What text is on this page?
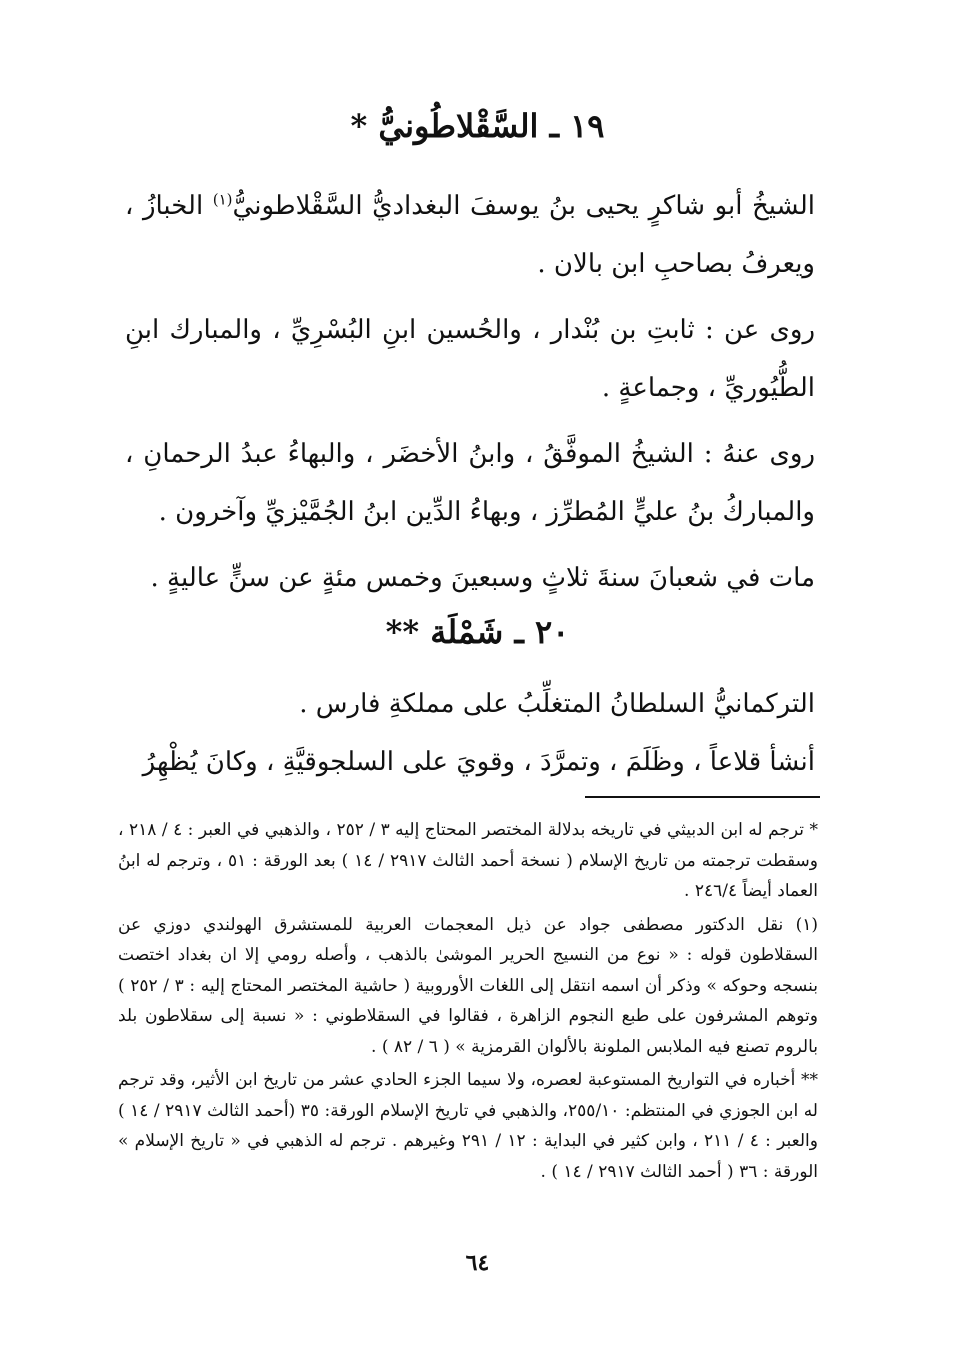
١٩ ـ السَّقْلاطُونيُّ *

الشيخُ أبو شاكرٍ يحيى بنُ يوسفَ البغداديُّ السَّقْلاطونيُّ$^{(١)}$ الخبازُ ، ويعرفُ بصاحبِ ابن بالان .

روى عن : ثابتِ بن بُنْدار ، والحُسين ابنِ البُسْرِيِّ ، والمبارك ابنِ الطُّيُوريِّ ، وجماعةٍ .

روى عنهُ : الشيخُ الموفَّقُ ، وابنُ الأخضَر ، والبهاءُ عبدُ الرحمانِ ، والمباركُ بنُ عليٍّ المُطرِّز ، وبهاءُ الدِّين ابنُ الجُمَّيْزيِّ وآخرون .

مات في شعبانَ سنةَ ثلاثٍ وسبعينَ وخمس مئةٍ عن سنٍّ عاليةٍ .

٢٠ ـ شَمْلَة **

التركمانيُّ السلطانُ المتغلِّبُ على مملكةِ فارس .

أنشأ قلاعاً ، وظَلَمَ ، وتمرَّدَ ، وقويَ على السلجوقيَّةِ ، وكانَ يُظْهِرُ

* ترجم له ابن الدبيثي في تاريخه بدلالة المختصر المحتاج إليه ٣ / ٢٥٢ ، والذهبي في العبر : ٤ / ٢١٨ ، وسقطت ترجمته من تاريخ الإسلام ( نسخة أحمد الثالث ٢٩١٧ / ١٤ ) بعد الورقة : ٥١ ، وترجم له ابنُ العماد أيضاً ٢٤٦/٤ .

(١) نقل الدكتور مصطفى جواد عن ذيل المعجمات العربية للمستشرق الهولندي دوزي عن السقلاطون قوله : « نوع من النسيج الحرير الموشىٰ بالذهب ، وأصله رومي إلا ان بغداد اختصت بنسجه وحوكه » وذكر أن اسمه انتقل إلى اللغات الأوروبية ( حاشية المختصر المحتاج إليه : ٣ / ٢٥٢ ) وتوهم المشرفون على طبع النجوم الزاهرة ، فقالوا في السقلاطوني : « نسبة إلى سقلاطون بلد بالروم تصنع فيه الملابس الملونة بالألوان القرمزية » ( ٦ / ٨٢ ) .

** أخباره في التواريخ المستوعبة لعصره، ولا سيما الجزء الحادي عشر من تاريخ ابن الأثير، وقد ترجم له ابن الجوزي في المنتظم: ٢٥٥/١٠، والذهبي في تاريخ الإسلام الورقة: ٣٥ (أحمد الثالث ٢٩١٧ / ١٤ ) والعبر : ٤ / ٢١١ ، وابن كثير في البداية : ١٢ / ٢٩١ وغيرهم . ترجم له الذهبي في « تاريخ الإسلام » الورقة : ٣٦ ( أحمد الثالث ٢٩١٧ / ١٤ ) .

٦٤
